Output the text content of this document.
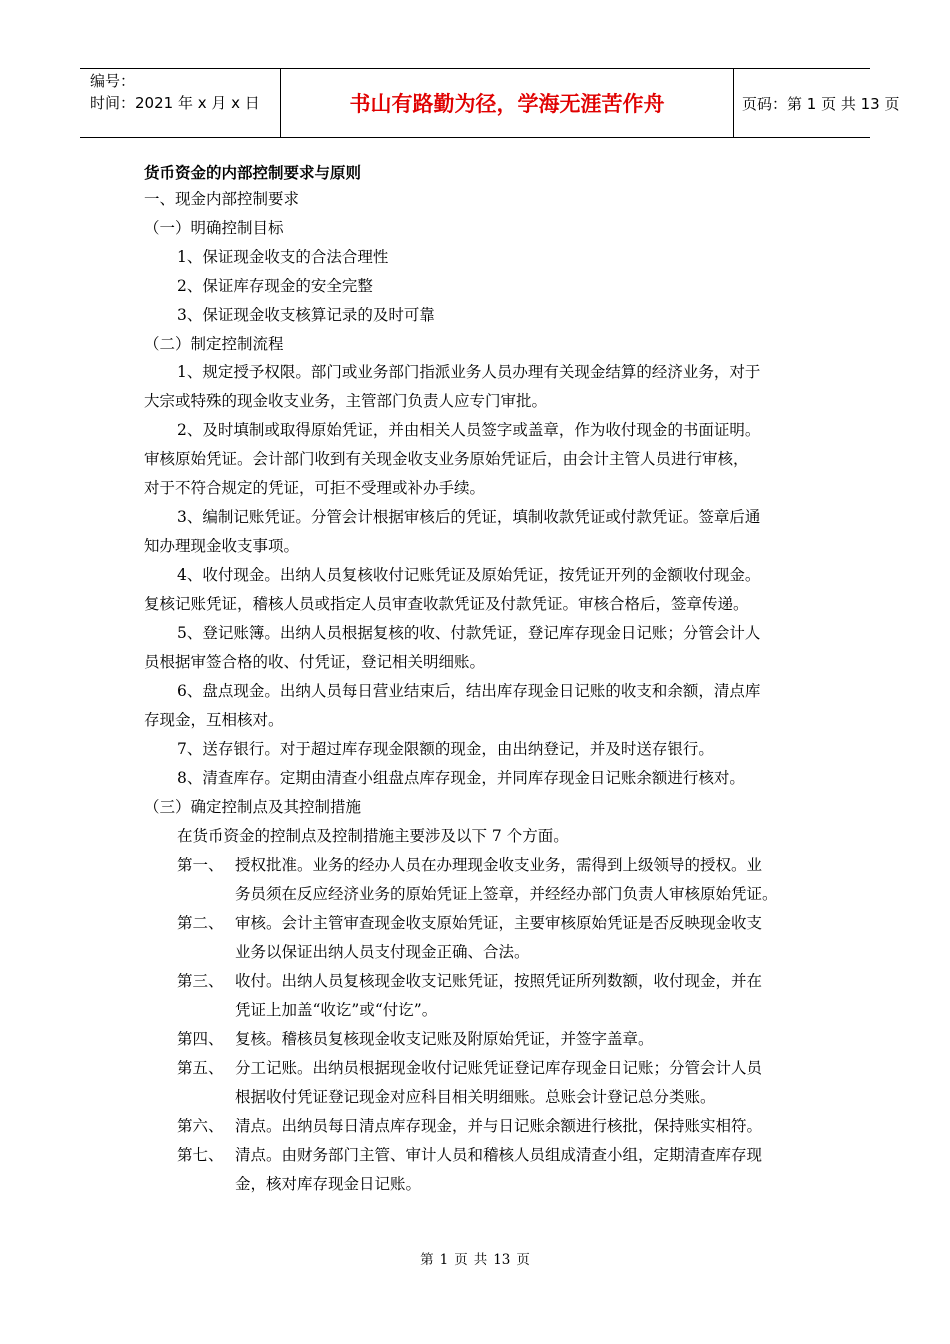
编号：
时间：2021 年 x 月 x 日	书山有路勤为径，学海无涯苦作舟	页码：第 1 页 共 13 页
货币资金的内部控制要求与原则
一、现金内部控制要求
（一）明确控制目标
1、保证现金收支的合法合理性
2、保证库存现金的安全完整
3、保证现金收支核算记录的及时可靠
（二）制定控制流程
1、规定授予权限。部门或业务部门指派业务人员办理有关现金结算的经济业务，对于
大宗或特殊的现金收支业务，主管部门负责人应专门审批。
2、及时填制或取得原始凭证，并由相关人员签字或盖章，作为收付现金的书面证明。
审核原始凭证。会计部门收到有关现金收支业务原始凭证后，由会计主管人员进行审核，
对于不符合规定的凭证，可拒不受理或补办手续。
3、编制记账凭证。分管会计根据审核后的凭证，填制收款凭证或付款凭证。签章后通
知办理现金收支事项。
4、收付现金。出纳人员复核收付记账凭证及原始凭证，按凭证开列的金额收付现金。
复核记账凭证，稽核人员或指定人员审查收款凭证及付款凭证。审核合格后，签章传递。
5、登记账簿。出纳人员根据复核的收、付款凭证，登记库存现金日记账；分管会计人
员根据审签合格的收、付凭证，登记相关明细账。
6、盘点现金。出纳人员每日营业结束后，结出库存现金日记账的收支和余额，清点库
存现金，互相核对。
7、送存银行。对于超过库存现金限额的现金，由出纳登记，并及时送存银行。
8、清查库存。定期由清查小组盘点库存现金，并同库存现金日记账余额进行核对。
（三）确定控制点及其控制措施
在货币资金的控制点及控制措施主要涉及以下 7 个方面。
第一、 授权批准。业务的经办人员在办理现金收支业务，需得到上级领导的授权。业
务员须在反应经济业务的原始凭证上签章，并经经办部门负责人审核原始凭证。
第二、 审核。会计主管审查现金收支原始凭证，主要审核原始凭证是否反映现金收支
业务以保证出纳人员支付现金正确、合法。
第三、 收付。出纳人员复核现金收支记账凭证，按照凭证所列数额，收付现金，并在
凭证上加盖“收讫”或“付讫”。
第四、 复核。稽核员复核现金收支记账及附原始凭证，并签字盖章。
第五、 分工记账。出纳员根据现金收付记账凭证登记库存现金日记账；分管会计人员
根据收付凭证登记现金对应科目相关明细账。总账会计登记总分类账。
第六、 清点。出纳员每日清点库存现金，并与日记账余额进行核批，保持账实相符。
第七、 清点。由财务部门主管、审计人员和稽核人员组成清查小组，定期清查库存现
金，核对库存现金日记账。
第 1 页 共 13 页
